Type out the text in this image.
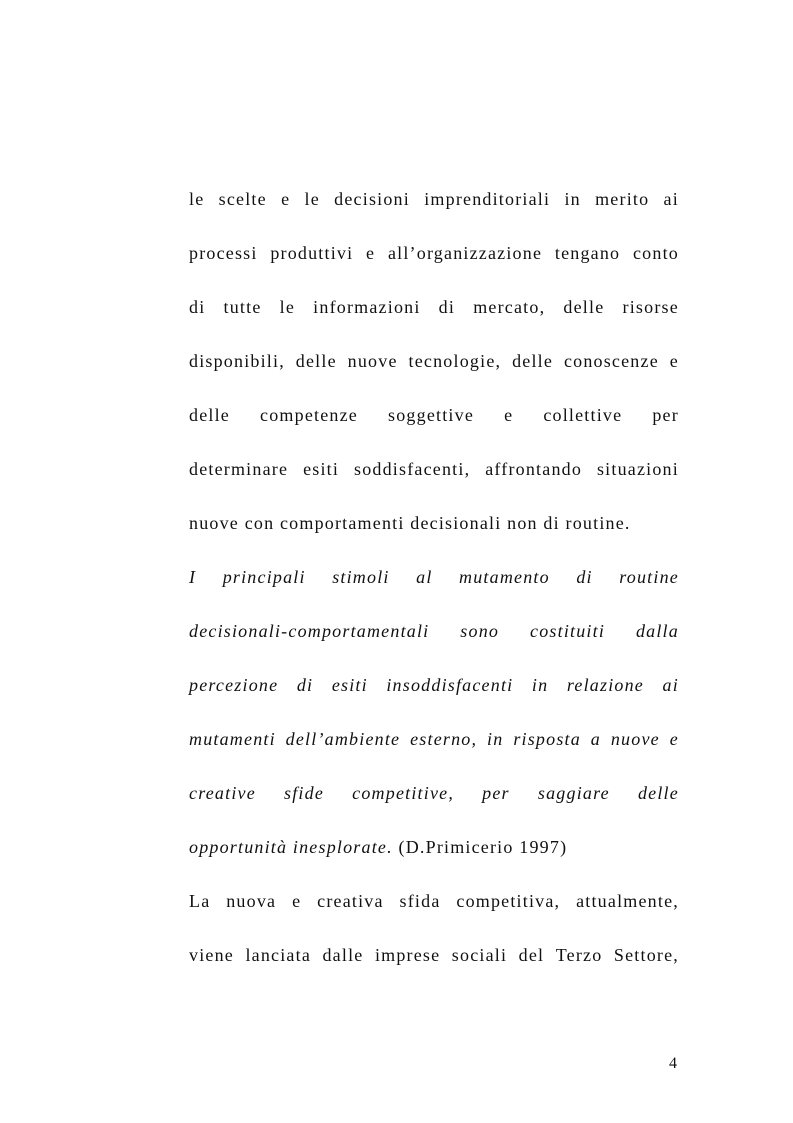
le scelte e le decisioni imprenditoriali in merito ai
processi produttivi e all’organizzazione tengano conto
di tutte le informazioni di mercato, delle risorse
disponibili, delle nuove tecnologie, delle conoscenze e
delle competenze soggettive e collettive per
determinare esiti soddisfacenti, affrontando situazioni
nuove con comportamenti decisionali non di routine.
I principali stimoli al mutamento di routine
decisionali-comportamentali sono costituiti dalla
percezione di esiti insoddisfacenti in relazione ai
mutamenti dell’ambiente esterno, in risposta a nuove e
creative sfide competitive, per saggiare delle
opportunità inesplorate. (D.Primicerio 1997)
La nuova e creativa sfida competitiva, attualmente,
viene lanciata dalle imprese sociali del Terzo Settore,
4
